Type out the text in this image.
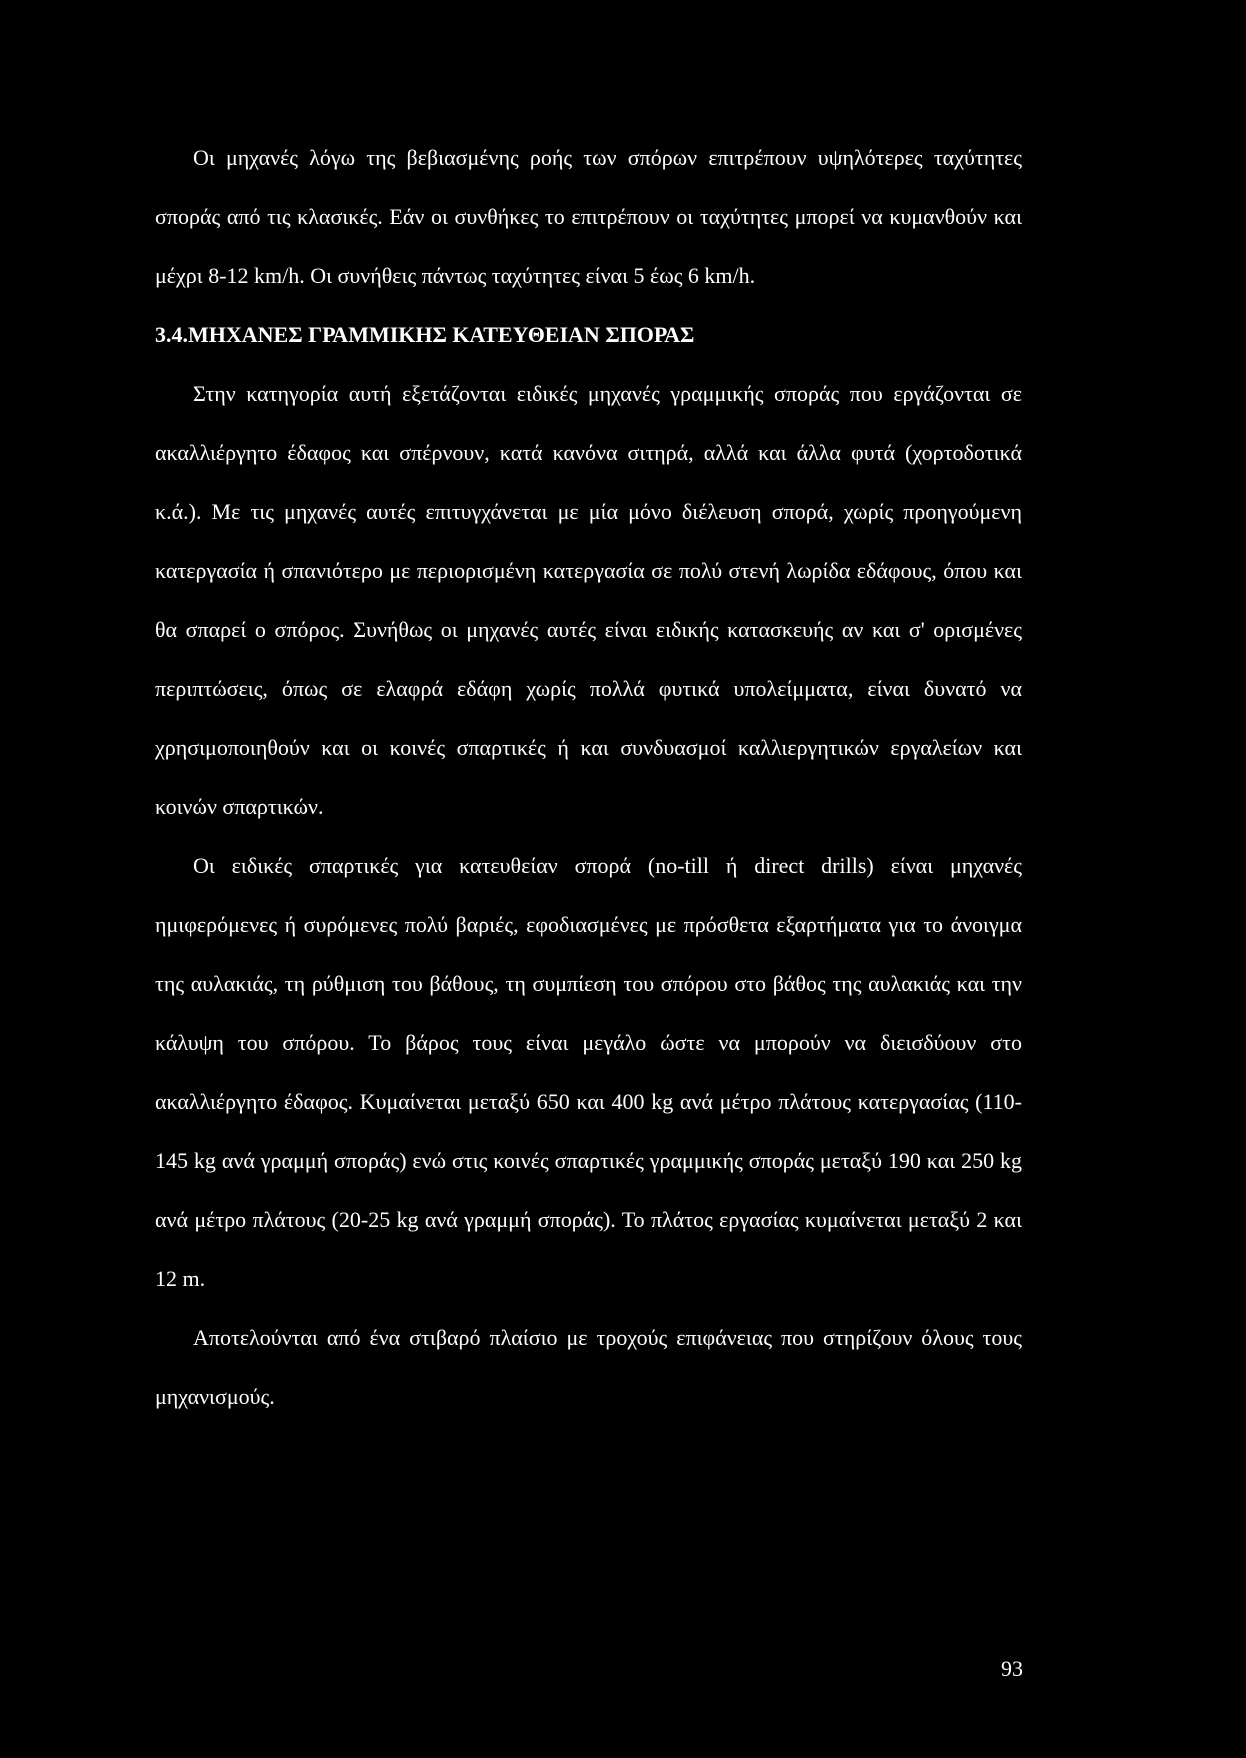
Οι μηχανές λόγω της βεβιασμένης ροής των σπόρων επιτρέπουν υψηλότερες ταχύτητες σποράς από τις κλασικές. Εάν οι συνθήκες το επιτρέπουν οι ταχύτητες μπορεί να κυμανθούν και μέχρι 8-12 km/h. Οι συνήθεις πάντως ταχύτητες είναι 5 έως 6 km/h.

3.4.ΜΗΧΑΝΕΣ ΓΡΑΜΜΙΚΗΣ ΚΑΤΕΥΘΕΙΑΝ ΣΠΟΡΑΣ

Στην κατηγορία αυτή εξετάζονται ειδικές μηχανές γραμμικής σποράς που εργάζονται σε ακαλλιέργητο έδαφος και σπέρνουν, κατά κανόνα σιτηρά, αλλά και άλλα φυτά (χορτοδοτικά κ.ά.). Με τις μηχανές αυτές επιτυγχάνεται με μία μόνο διέλευση σπορά, χωρίς προηγούμενη κατεργασία ή σπανιότερο με περιορισμένη κατεργασία σε πολύ στενή λωρίδα εδάφους, όπου και θα σπαρεί ο σπόρος. Συνήθως οι μηχανές αυτές είναι ειδικής κατασκευής αν και σ' ορισμένες περιπτώσεις, όπως σε ελαφρά εδάφη χωρίς πολλά φυτικά υπολείμματα, είναι δυνατό να χρησιμοποιηθούν και οι κοινές σπαρτικές ή και συνδυασμοί καλλιεργητικών εργαλείων και κοινών σπαρτικών.

Οι ειδικές σπαρτικές για κατευθείαν σπορά (no-till ή direct drills) είναι μηχανές ημιφερόμενες ή συρόμενες πολύ βαριές, εφοδιασμένες με πρόσθετα εξαρτήματα για το άνοιγμα της αυλακιάς, τη ρύθμιση του βάθους, τη συμπίεση του σπόρου στο βάθος της αυλακιάς και την κάλυψη του σπόρου. Το βάρος τους είναι μεγάλο ώστε να μπορούν να διεισδύουν στο ακαλλιέργητο έδαφος. Κυμαίνεται μεταξύ 650 και 400 kg ανά μέτρο πλάτους κατεργασίας (110-145 kg ανά γραμμή σποράς) ενώ στις κοινές σπαρτικές γραμμικής σποράς μεταξύ 190 και 250 kg ανά μέτρο πλάτους (20-25 kg ανά γραμμή σποράς). Το πλάτος εργασίας κυμαίνεται μεταξύ 2 και 12 m.

Αποτελούνται από ένα στιβαρό πλαίσιο με τροχούς επιφάνειας που στηρίζουν όλους τους μηχανισμούς.

93
